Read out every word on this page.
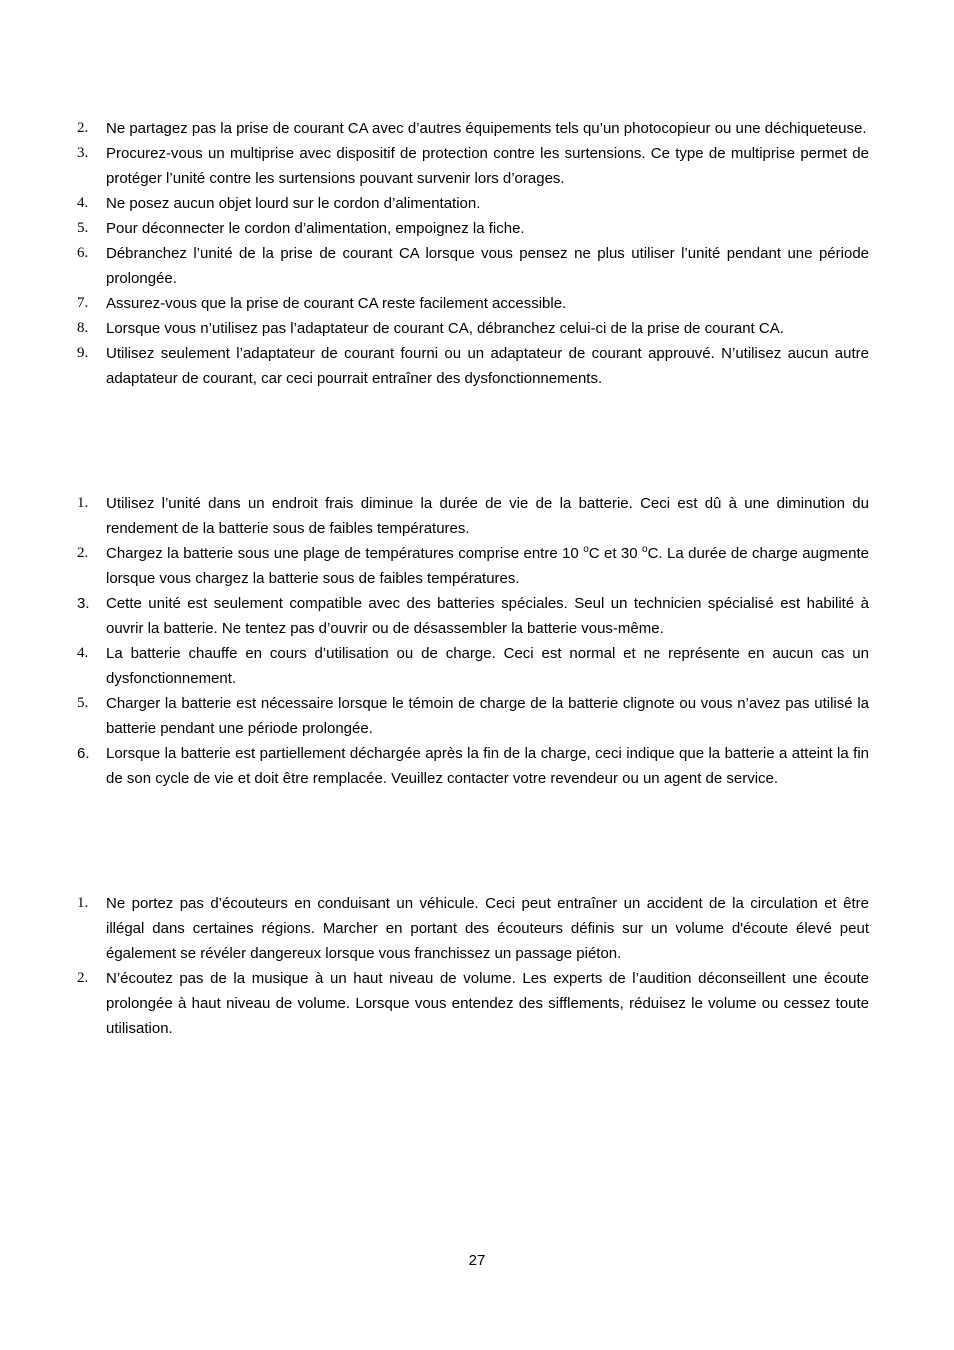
2.	Ne partagez pas la prise de courant CA avec d’autres équipements tels qu’un photocopieur ou une déchiqueteuse.
3.	Procurez-vous un multiprise avec dispositif de protection contre les surtensions. Ce type de multiprise permet de protéger l’unité contre les surtensions pouvant survenir lors d’orages.
4.	Ne posez aucun objet lourd sur le cordon d’alimentation.
5.	Pour déconnecter le cordon d’alimentation, empoignez la fiche.
6.	Débranchez l’unité de la prise de courant CA lorsque vous pensez ne plus utiliser l’unité pendant une période prolongée.
7.	Assurez-vous que la prise de courant CA reste facilement accessible.
8.	Lorsque vous n’utilisez pas l’adaptateur de courant CA, débranchez celui-ci de la prise de courant CA.
9.	Utilisez seulement l’adaptateur de courant fourni ou un adaptateur de courant approuvé. N’utilisez aucun autre adaptateur de courant, car ceci pourrait entraîner des dysfonctionnements.
1.	Utilisez l’unité dans un endroit frais diminue la durée de vie de la batterie. Ceci est dû à une diminution du rendement de la batterie sous de faibles températures.
2.	Chargez la batterie sous une plage de températures comprise entre 10 $^o$C et 30 $^o$C. La durée de charge augmente lorsque vous chargez la batterie sous de faibles températures.
3.	Cette unité est seulement compatible avec des batteries spéciales. Seul un technicien spécialisé est habilité à ouvrir la batterie. Ne tentez pas d’ouvrir ou de désassembler la batterie vous-même.
4.	La batterie chauffe en cours d’utilisation ou de charge. Ceci est normal et ne représente en aucun cas un dysfonctionnement.
5.	Charger la batterie est nécessaire lorsque le témoin de charge de la batterie clignote ou vous n’avez pas utilisé la batterie pendant une période prolongée.
6.	Lorsque la batterie est partiellement déchargée après la fin de la charge, ceci indique que la batterie a atteint la fin de son cycle de vie et doit être remplacée. Veuillez contacter votre revendeur ou un agent de service.
1.	Ne portez pas d’écouteurs en conduisant un véhicule. Ceci peut entraîner un accident de la circulation et être illégal dans certaines régions. Marcher en portant des écouteurs définis sur un volume d'écoute élevé peut également se révéler dangereux lorsque vous franchissez un passage piéton.
2.	N’écoutez pas de la musique à un haut niveau de volume. Les experts de l’audition déconseillent une écoute prolongée à haut niveau de volume. Lorsque vous entendez des sifflements, réduisez le volume ou cessez toute utilisation.
27
